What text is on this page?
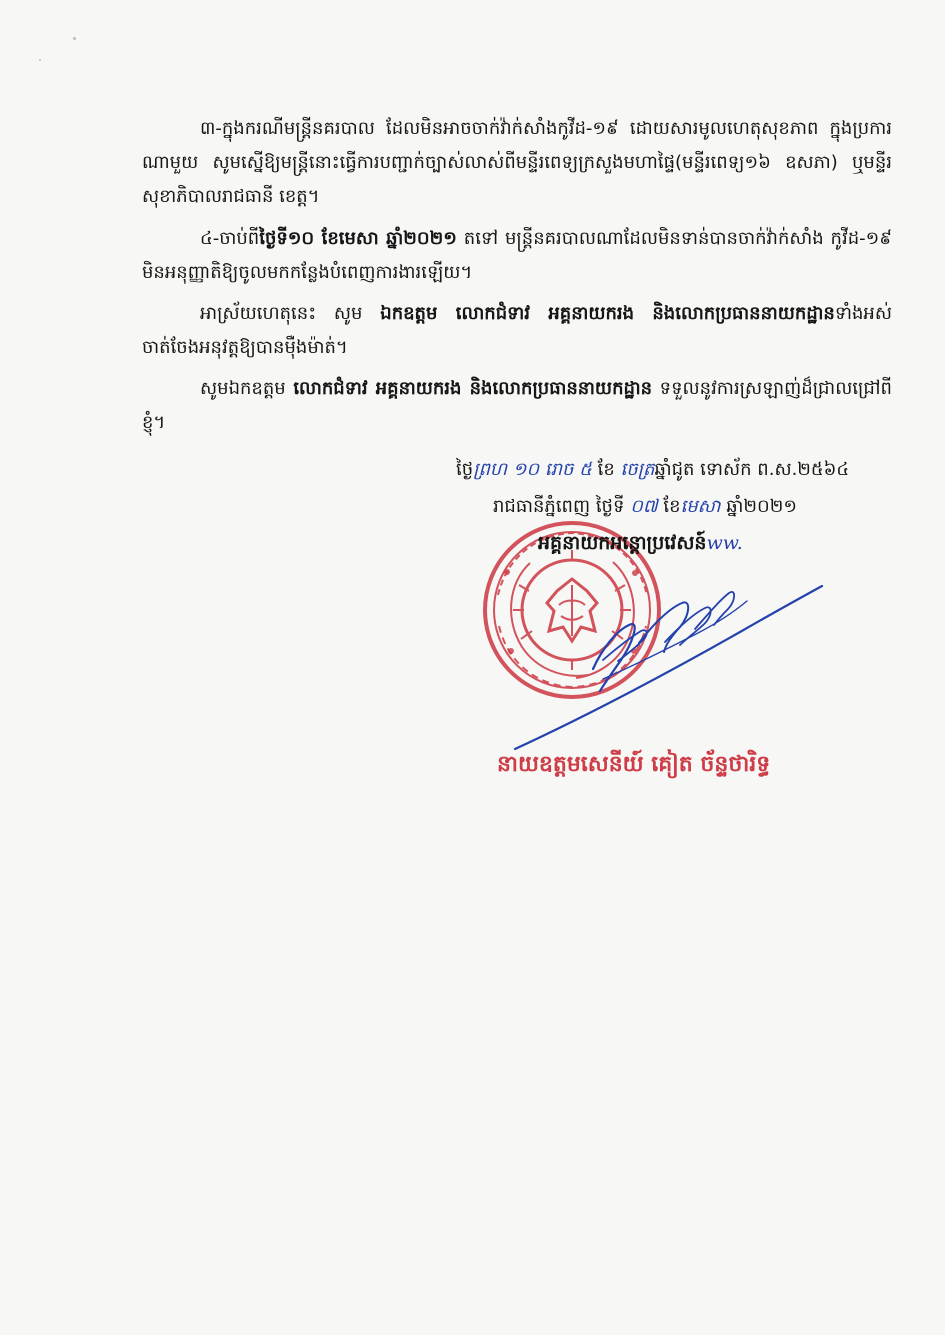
៣-ក្នុងករណីមន្ត្រីនគរបាល ដែលមិនអាចចាក់វ៉ាក់សាំងកូវីដ-១៩ ដោយសារមូលហេតុសុខភាព ក្នុងប្រការណាមួយ សូមស្នើឱ្យមន្ត្រីនោះធ្វើការបញ្ជាក់ច្បាស់លាស់ពីមន្ទីរពេទ្យក្រសួងមហាផ្ទៃ(មន្ទីរពេទ្យ១៦ ឧសភា) ឬមន្ទីរសុខាភិបាលរាជធានី ខេត្ត។

៤-ចាប់ពីថ្ងៃទី១០ ខែមេសា ឆ្នាំ២០២១ តទៅ មន្ត្រីនគរបាលណាដែលមិនទាន់បានចាក់វ៉ាក់សាំង កូវីដ-១៩ មិនអនុញ្ញាតិឱ្យចូលមកកន្លែងបំពេញការងារឡើយ។

អាស្រ័យហេតុនេះ សូម ឯកឧត្តម លោកជំទាវ អគ្គនាយករង និងលោកប្រធាននាយកដ្ឋានទាំងអស់ ចាត់ចែងអនុវត្តឱ្យបានម៉ឺងម៉ាត់។

សូមឯកឧត្តម លោកជំទាវ អគ្គនាយករង និងលោកប្រធាននាយកដ្ឋាន ទទួលនូវការស្រឡាញ់ដ៏ជ្រាលជ្រៅពីខ្ញុំ។

ថ្ងៃព្រហ ១០ រោច ៥ ខែ ចេត្រឆ្នាំជូត ទោស័ក ព.ស.២៥៦៤
រាជធានីភ្នំពេញ ថ្ងៃទី ០៧ ខែមេសា ឆ្នាំ២០២១
អគ្គនាយកអន្តោប្រវេសន៍ww.
នាយឧត្តមសេនីយ៍ គៀត ច័ន្ទថារិទ្ធ
